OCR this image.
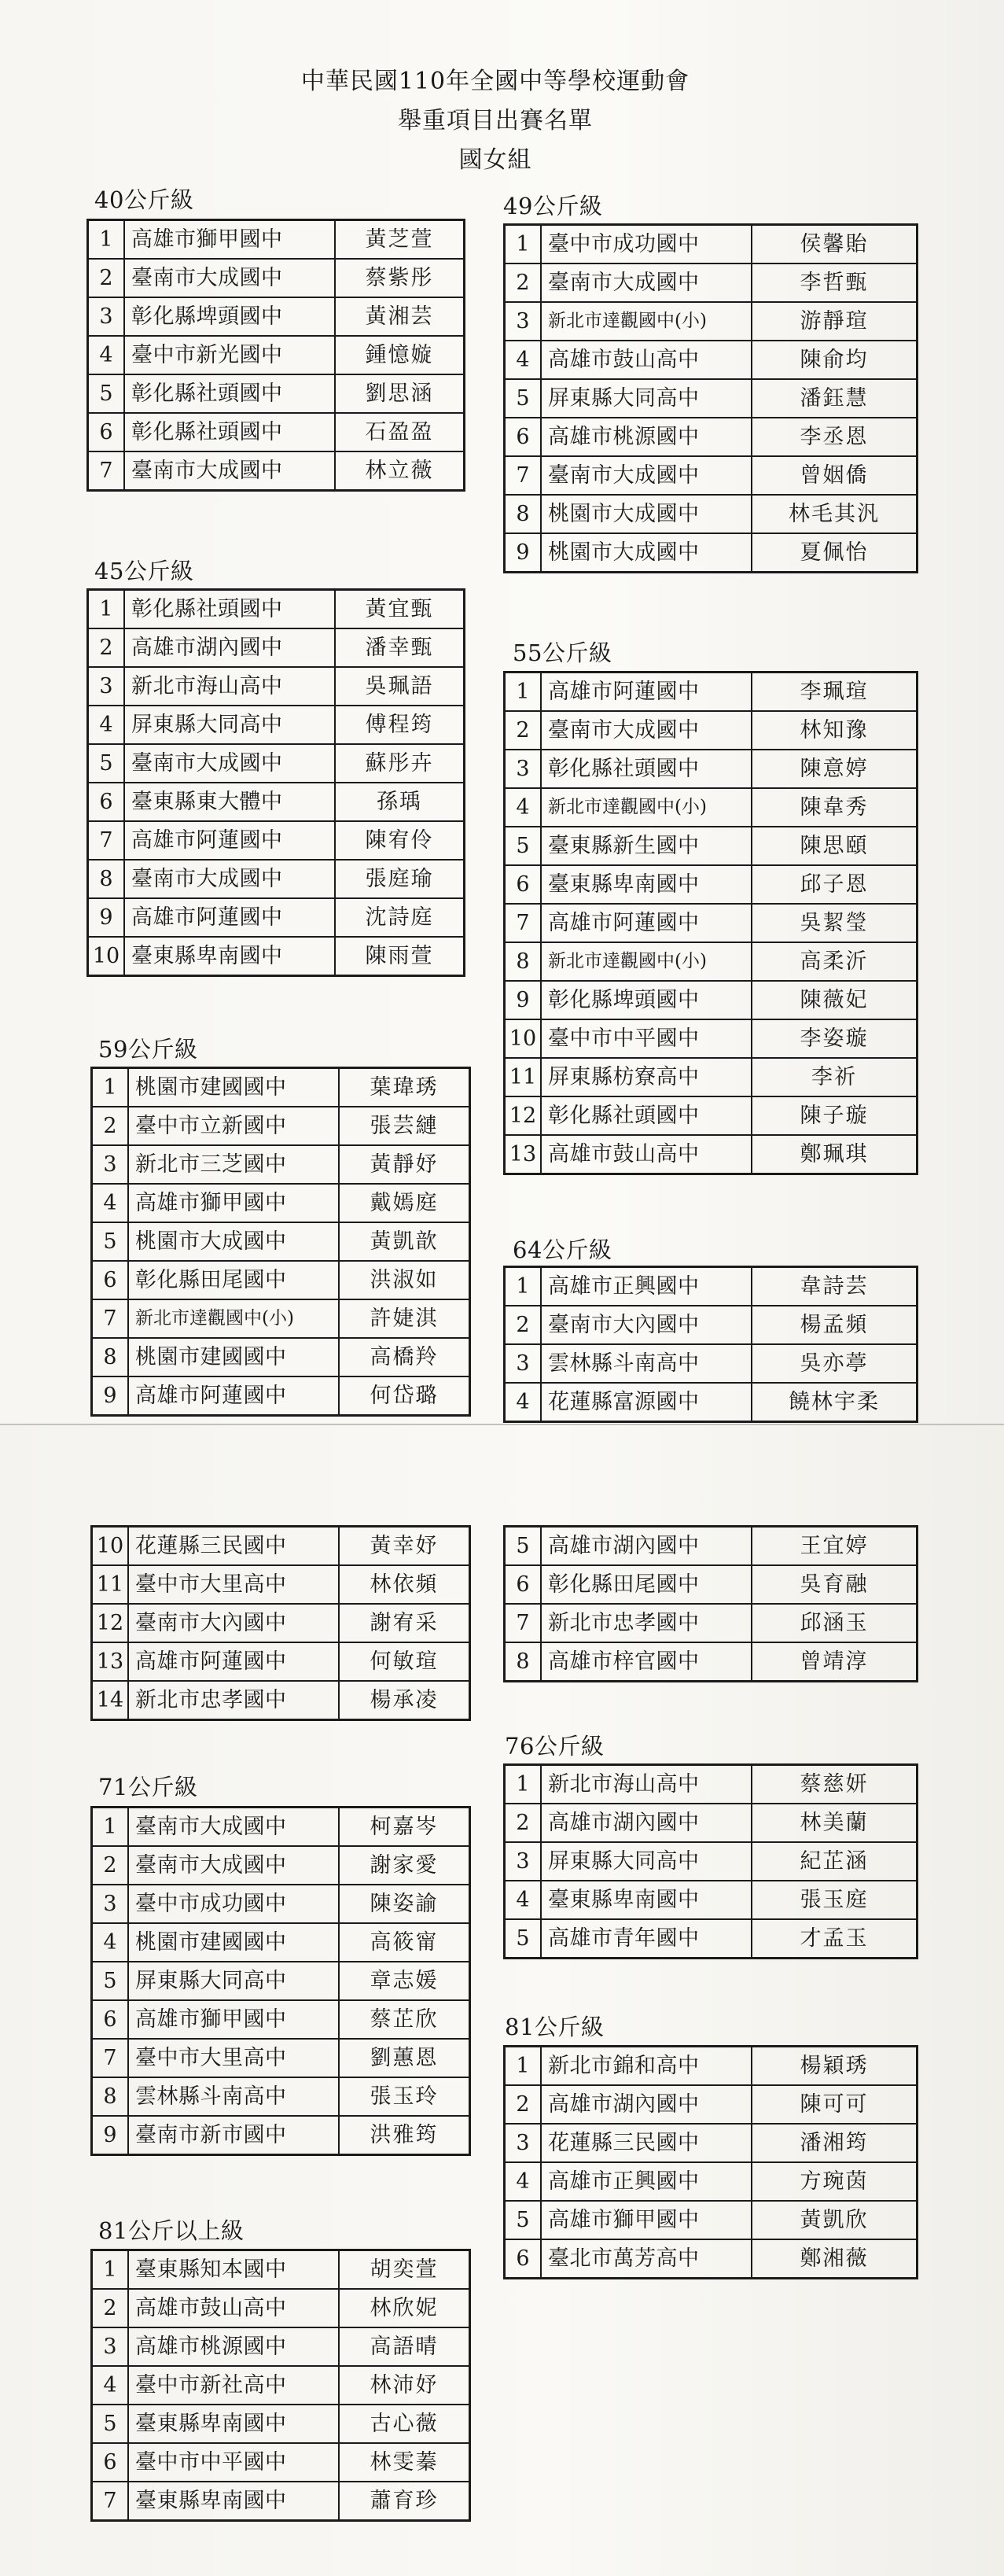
中華民國110年全國中等學校運動會
舉重項目出賽名單
國女組
40公斤級
1	高雄市獅甲國中	黃芝萱
2	臺南市大成國中	蔡紫彤
3	彰化縣埤頭國中	黃湘芸
4	臺中市新光國中	鍾憶嫙
5	彰化縣社頭國中	劉思涵
6	彰化縣社頭國中	石盈盈
7	臺南市大成國中	林立薇
45公斤級
1	彰化縣社頭國中	黃宜甄
2	高雄市湖內國中	潘幸甄
3	新北市海山高中	吳珮語
4	屏東縣大同高中	傅程筠
5	臺南市大成國中	蘇彤卉
6	臺東縣東大體中	孫瑀
7	高雄市阿蓮國中	陳宥伶
8	臺南市大成國中	張庭瑜
9	高雄市阿蓮國中	沈詩庭
10	臺東縣卑南國中	陳雨萱
59公斤級
1	桃園市建國國中	葉瑋琇
2	臺中市立新國中	張芸縺
3	新北市三芝國中	黃靜妤
4	高雄市獅甲國中	戴嫣庭
5	桃園市大成國中	黃凱歆
6	彰化縣田尾國中	洪淑如
7	新北市達觀國中(小)	許婕淇
8	桃園市建國國中	高橋羚
9	高雄市阿蓮國中	何岱璐
49公斤級
1	臺中市成功國中	侯馨貽
2	臺南市大成國中	李哲甄
3	新北市達觀國中(小)	游靜瑄
4	高雄市鼓山高中	陳俞均
5	屏東縣大同高中	潘鈺慧
6	高雄市桃源國中	李丞恩
7	臺南市大成國中	曾姻僑
8	桃園市大成國中	林毛其汎
9	桃園市大成國中	夏佩怡
55公斤級
1	高雄市阿蓮國中	李珮瑄
2	臺南市大成國中	林知豫
3	彰化縣社頭國中	陳意婷
4	新北市達觀國中(小)	陳韋秀
5	臺東縣新生國中	陳思頤
6	臺東縣卑南國中	邱子恩
7	高雄市阿蓮國中	吳絜瑩
8	新北市達觀國中(小)	高柔沂
9	彰化縣埤頭國中	陳薇妃
10	臺中市中平國中	李姿璇
11	屏東縣枋寮高中	李祈
12	彰化縣社頭國中	陳子璇
13	高雄市鼓山高中	鄭珮琪
64公斤級
1	高雄市正興國中	韋詩芸
2	臺南市大內國中	楊孟頻
3	雲林縣斗南高中	吳亦葶
4	花蓮縣富源國中	饒林宇柔
10	花蓮縣三民國中	黃幸妤
11	臺中市大里高中	林依頻
12	臺南市大內國中	謝宥采
13	高雄市阿蓮國中	何敏瑄
14	新北市忠孝國中	楊承凌
5	高雄市湖內國中	王宜婷
6	彰化縣田尾國中	吳育融
7	新北市忠孝國中	邱涵玉
8	高雄市梓官國中	曾靖淳
76公斤級
1	新北市海山高中	蔡慈妍
2	高雄市湖內國中	林美蘭
3	屏東縣大同高中	紀芷涵
4	臺東縣卑南國中	張玉庭
5	高雄市青年國中	才孟玉
71公斤級
1	臺南市大成國中	柯嘉岑
2	臺南市大成國中	謝家愛
3	臺中市成功國中	陳姿諭
4	桃園市建國國中	高筱甯
5	屏東縣大同高中	章志媛
6	高雄市獅甲國中	蔡芷欣
7	臺中市大里高中	劉蕙恩
8	雲林縣斗南高中	張玉玲
9	臺南市新市國中	洪雅筠
81公斤級
1	新北市錦和高中	楊穎琇
2	高雄市湖內國中	陳可可
3	花蓮縣三民國中	潘湘筠
4	高雄市正興國中	方琬茵
5	高雄市獅甲國中	黃凱欣
6	臺北市萬芳高中	鄭湘薇
81公斤以上級
1	臺東縣知本國中	胡奕萱
2	高雄市鼓山高中	林欣妮
3	高雄市桃源國中	高語晴
4	臺中市新社高中	林沛妤
5	臺東縣卑南國中	古心薇
6	臺中市中平國中	林雯蓁
7	臺東縣卑南國中	蕭育珍
